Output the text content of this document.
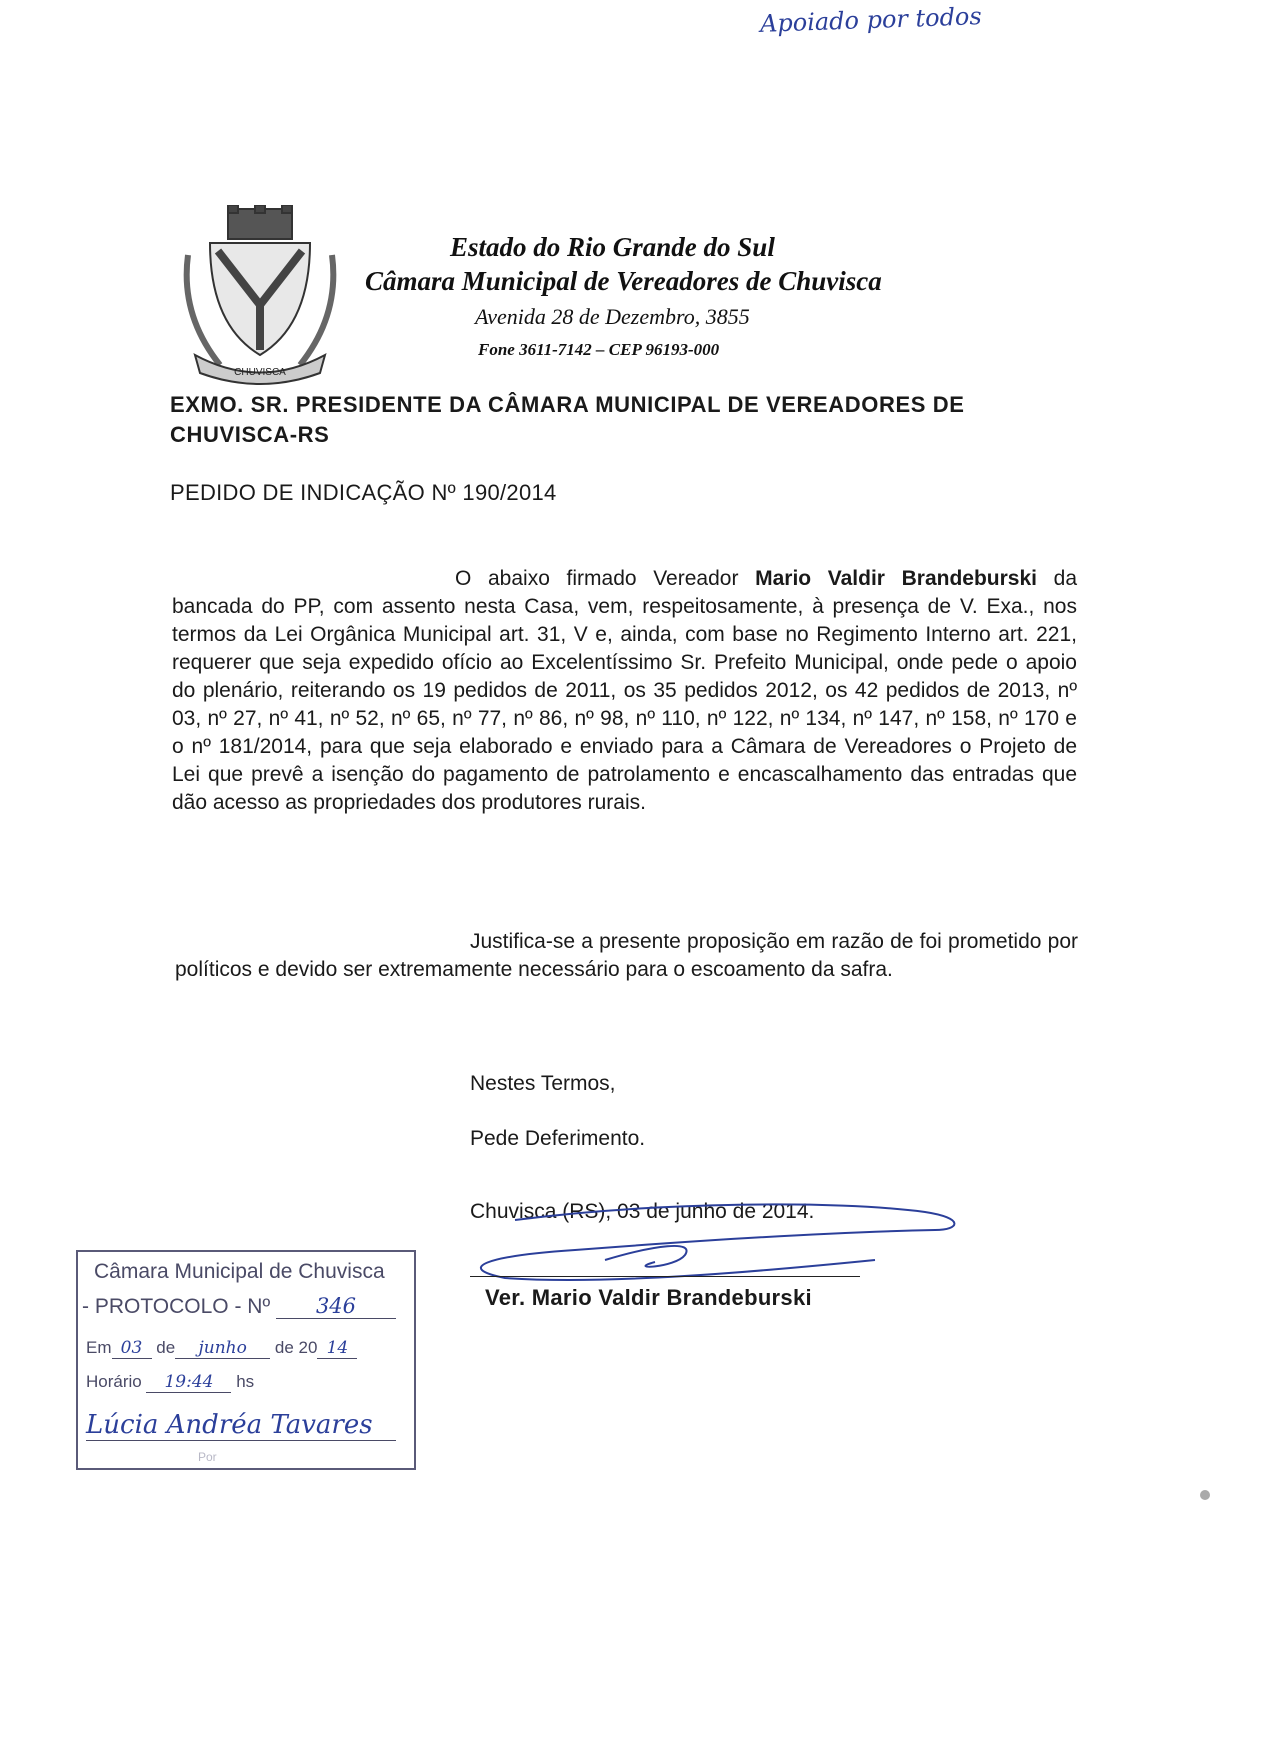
Apoiado por todos
CHUVISCA
Estado do Rio Grande do Sul
Câmara Municipal de Vereadores de Chuvisca
Avenida 28 de Dezembro, 3855
Fone 3611-7142 – CEP 96193-000
EXMO. SR. PRESIDENTE DA CÂMARA MUNICIPAL DE VEREADORES DE CHUVISCA-RS
PEDIDO DE INDICAÇÃO Nº 190/2014
O abaixo firmado Vereador Mario Valdir Brandeburski da bancada do PP, com assento nesta Casa, vem, respeitosamente, à presença de V. Exa., nos termos da Lei Orgânica Municipal art. 31, V e, ainda, com base no Regimento Interno art. 221, requerer que seja expedido ofício ao Excelentíssimo Sr. Prefeito Municipal, onde pede o apoio do plenário, reiterando os 19 pedidos de 2011, os 35 pedidos 2012, os 42 pedidos de 2013, nº 03, nº 27, nº 41, nº 52, nº 65, nº 77, nº 86, nº 98, nº 110, nº 122, nº 134, nº 147, nº 158, nº 170 e o nº 181/2014, para que seja elaborado e enviado para a Câmara de Vereadores o Projeto de Lei que prevê a isenção do pagamento de patrolamento e encascalhamento das entradas que dão acesso as propriedades dos produtores rurais.
Justifica-se a presente proposição em razão de foi prometido por políticos e devido ser extremamente necessário para o escoamento da safra.
Nestes Termos,
Pede Deferimento.
Chuvisca (RS), 03 de junho de 2014.
Ver. Mario Valdir Brandeburski
Câmara Municipal de Chuvisca
- PROTOCOLO - Nº 346
Em 03 de junho de 20 14
Horário 19:44 hs
Lúcia Andréa Tavares
Por
